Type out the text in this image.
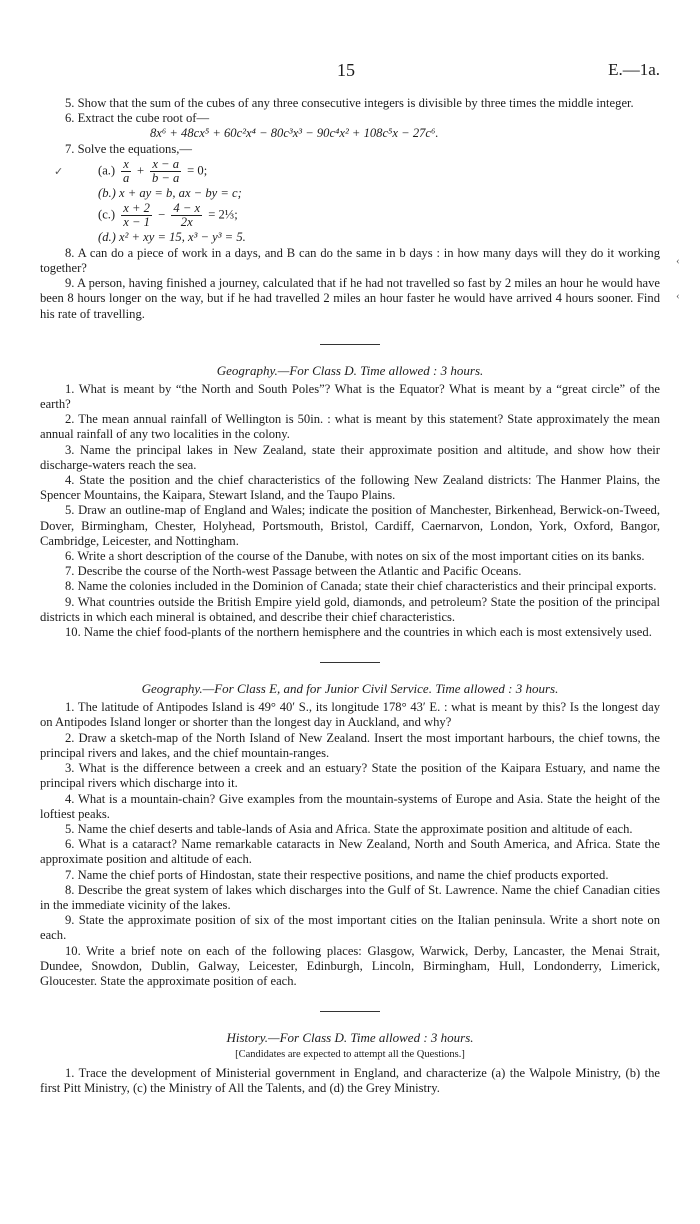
15	E.—1a.

5. Show that the sum of the cubes of any three consecutive integers is divisible by three times the middle integer.

6. Extract the cube root of—

8x⁶ + 48cx⁵ + 60c²x⁴ − 80c³x³ − 90c⁴x² + 108c⁵x − 27c⁶.

7. Solve the equations,—

$(a.) \frac{x}{a} + \frac{x - a}{b - a} = 0$;
(b.) x + ay = b, ax − by = c;
$(c.) \frac{x + 2}{x - 1} - \frac{4 - x}{2x}$ = 2⅓;
(d.) x² + xy = 15, x³ − y³ = 5.

8. A can do a piece of work in a days, and B can do the same in b days : in how many days will they do it working together?

9. A person, having finished a journey, calculated that if he had not travelled so fast by 2 miles an hour he would have been 8 hours longer on the way, but if he had travelled 2 miles an hour faster he would have arrived 4 hours sooner. Find his rate of travelling.

Geography.—For Class D. Time allowed : 3 hours.

1. What is meant by “the North and South Poles”? What is the Equator? What is meant by a “great circle” of the earth?

2. The mean annual rainfall of Wellington is 50in. : what is meant by this statement? State approximately the mean annual rainfall of any two localities in the colony.

3. Name the principal lakes in New Zealand, state their approximate position and altitude, and show how their discharge-waters reach the sea.

4. State the position and the chief characteristics of the following New Zealand districts: The Hanmer Plains, the Spencer Mountains, the Kaipara, Stewart Island, and the Taupo Plains.

5. Draw an outline-map of England and Wales; indicate the position of Manchester, Birkenhead, Berwick-on-Tweed, Dover, Birmingham, Chester, Holyhead, Portsmouth, Bristol, Cardiff, Caernarvon, London, York, Oxford, Bangor, Cambridge, Leicester, and Nottingham.

6. Write a short description of the course of the Danube, with notes on six of the most important cities on its banks.

7. Describe the course of the North-west Passage between the Atlantic and Pacific Oceans.

8. Name the colonies included in the Dominion of Canada; state their chief characteristics and their principal exports.

9. What countries outside the British Empire yield gold, diamonds, and petroleum? State the position of the principal districts in which each mineral is obtained, and describe their chief characteristics.

10. Name the chief food-plants of the northern hemisphere and the countries in which each is most extensively used.

Geography.—For Class E, and for Junior Civil Service. Time allowed : 3 hours.

1. The latitude of Antipodes Island is 49° 40′ S., its longitude 178° 43′ E. : what is meant by this? Is the longest day on Antipodes Island longer or shorter than the longest day in Auckland, and why?

2. Draw a sketch-map of the North Island of New Zealand. Insert the most important harbours, the chief towns, the principal rivers and lakes, and the chief mountain-ranges.

3. What is the difference between a creek and an estuary? State the position of the Kaipara Estuary, and name the principal rivers which discharge into it.

4. What is a mountain-chain? Give examples from the mountain-systems of Europe and Asia. State the height of the loftiest peaks.

5. Name the chief deserts and table-lands of Asia and Africa. State the approximate position and altitude of each.

6. What is a cataract? Name remarkable cataracts in New Zealand, North and South America, and Africa. State the approximate position and altitude of each.

7. Name the chief ports of Hindostan, state their respective positions, and name the chief products exported.

8. Describe the great system of lakes which discharges into the Gulf of St. Lawrence. Name the chief Canadian cities in the immediate vicinity of the lakes.

9. State the approximate position of six of the most important cities on the Italian peninsula. Write a short note on each.

10. Write a brief note on each of the following places: Glasgow, Warwick, Derby, Lancaster, the Menai Strait, Dundee, Snowdon, Dublin, Galway, Leicester, Edinburgh, Lincoln, Birmingham, Hull, Londonderry, Limerick, Gloucester. State the approximate position of each.

History.—For Class D. Time allowed : 3 hours.

[Candidates are expected to attempt all the Questions.]

1. Trace the development of Ministerial government in England, and characterize (a) the Walpole Ministry, (b) the first Pitt Ministry, (c) the Ministry of All the Talents, and (d) the Grey Ministry.

✓
‹
‹
